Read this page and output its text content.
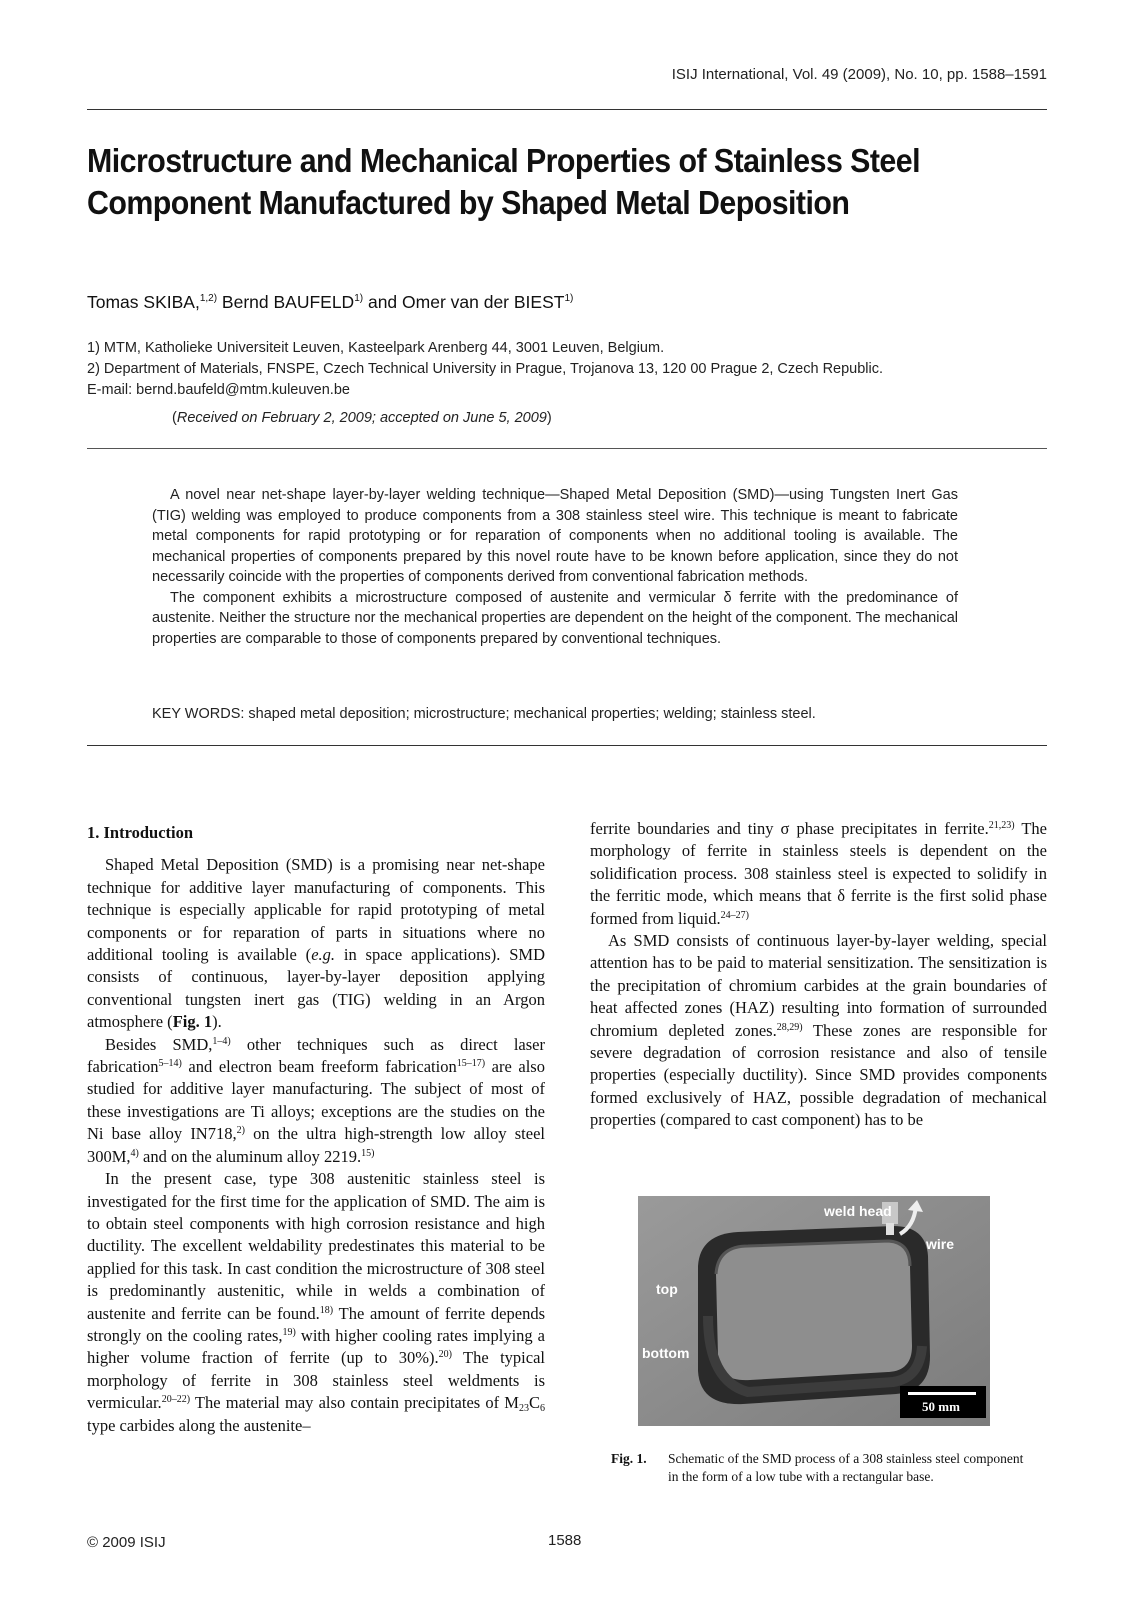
ISIJ International, Vol. 49 (2009), No. 10, pp. 1588–1591
Microstructure and Mechanical Properties of Stainless Steel
Component Manufactured by Shaped Metal Deposition
Tomas SKIBA,$^{1,2)}$ Bernd BAUFELD$^{1)}$ and Omer van der BIEST$^{1)}$
1) MTM, Katholieke Universiteit Leuven, Kasteelpark Arenberg 44, 3001 Leuven, Belgium.
2) Department of Materials, FNSPE, Czech Technical University in Prague, Trojanova 13, 120 00 Prague 2, Czech Republic.
E-mail: bernd.baufeld@mtm.kuleuven.be
(Received on February 2, 2009; accepted on June 5, 2009)

A novel near net-shape layer-by-layer welding technique—Shaped Metal Deposition (SMD)—using Tungsten Inert Gas (TIG) welding was employed to produce components from a 308 stainless steel wire. This technique is meant to fabricate metal components for rapid prototyping or for reparation of components when no additional tooling is available. The mechanical properties of components prepared by this novel route have to be known before application, since they do not necessarily coincide with the properties of components derived from conventional fabrication methods.

The component exhibits a microstructure composed of austenite and vermicular δ ferrite with the predominance of austenite. Neither the structure nor the mechanical properties are dependent on the height of the component. The mechanical properties are comparable to those of components prepared by conventional techniques.

KEY WORDS: shaped metal deposition; microstructure; mechanical properties; welding; stainless steel.
1. Introduction

Shaped Metal Deposition (SMD) is a promising near net-shape technique for additive layer manufacturing of components. This technique is especially applicable for rapid prototyping of metal components or for reparation of parts in situations where no additional tooling is available (e.g. in space applications). SMD consists of continuous, layer-by-layer deposition applying conventional tungsten inert gas (TIG) welding in an Argon atmosphere (Fig. 1).

Besides SMD,$^{1-4)}$ other techniques such as direct laser fabrication$^{5-14)}$ and electron beam freeform fabrication$^{15-17)}$ are also studied for additive layer manufacturing. The subject of most of these investigations are Ti alloys; exceptions are the studies on the Ni base alloy IN718,$^{2)}$ on the ultra high-strength low alloy steel 300M,$^{4)}$ and on the aluminum alloy 2219.$^{15)}$

In the present case, type 308 austenitic stainless steel is investigated for the first time for the application of SMD. The aim is to obtain steel components with high corrosion resistance and high ductility. The excellent weldability predestinates this material to be applied for this task. In cast condition the microstructure of 308 steel is predominantly austenitic, while in welds a combination of austenite and ferrite can be found.$^{18)}$ The amount of ferrite depends strongly on the cooling rates,$^{19)}$ with higher cooling rates implying a higher volume fraction of ferrite (up to 30%).$^{20)}$ The typical morphology of ferrite in 308 stainless steel weldments is vermicular.$^{20-22)}$ The material may also contain precipitates of $M_{23}C_6$ type carbides along the austenite–

ferrite boundaries and tiny σ phase precipitates in ferrite.$^{21,23)}$ The morphology of ferrite in stainless steels is dependent on the solidification process. 308 stainless steel is expected to solidify in the ferritic mode, which means that δ ferrite is the first solid phase formed from liquid.$^{24-27)}$

As SMD consists of continuous layer-by-layer welding, special attention has to be paid to material sensitization. The sensitization is the precipitation of chromium carbides at the grain boundaries of heat affected zones (HAZ) resulting into formation of surrounded chromium depleted zones.$^{28,29)}$ These zones are responsible for severe degradation of corrosion resistance and also of tensile properties (especially ductility). Since SMD provides components formed exclusively of HAZ, possible degradation of mechanical properties (compared to cast component) has to be

weld head
wire
top
bottom
50 mm
Fig. 1.	Schematic of the SMD process of a 308 stainless steel component in the form of a low tube with a rectangular base.
© 2009 ISIJ	1588
